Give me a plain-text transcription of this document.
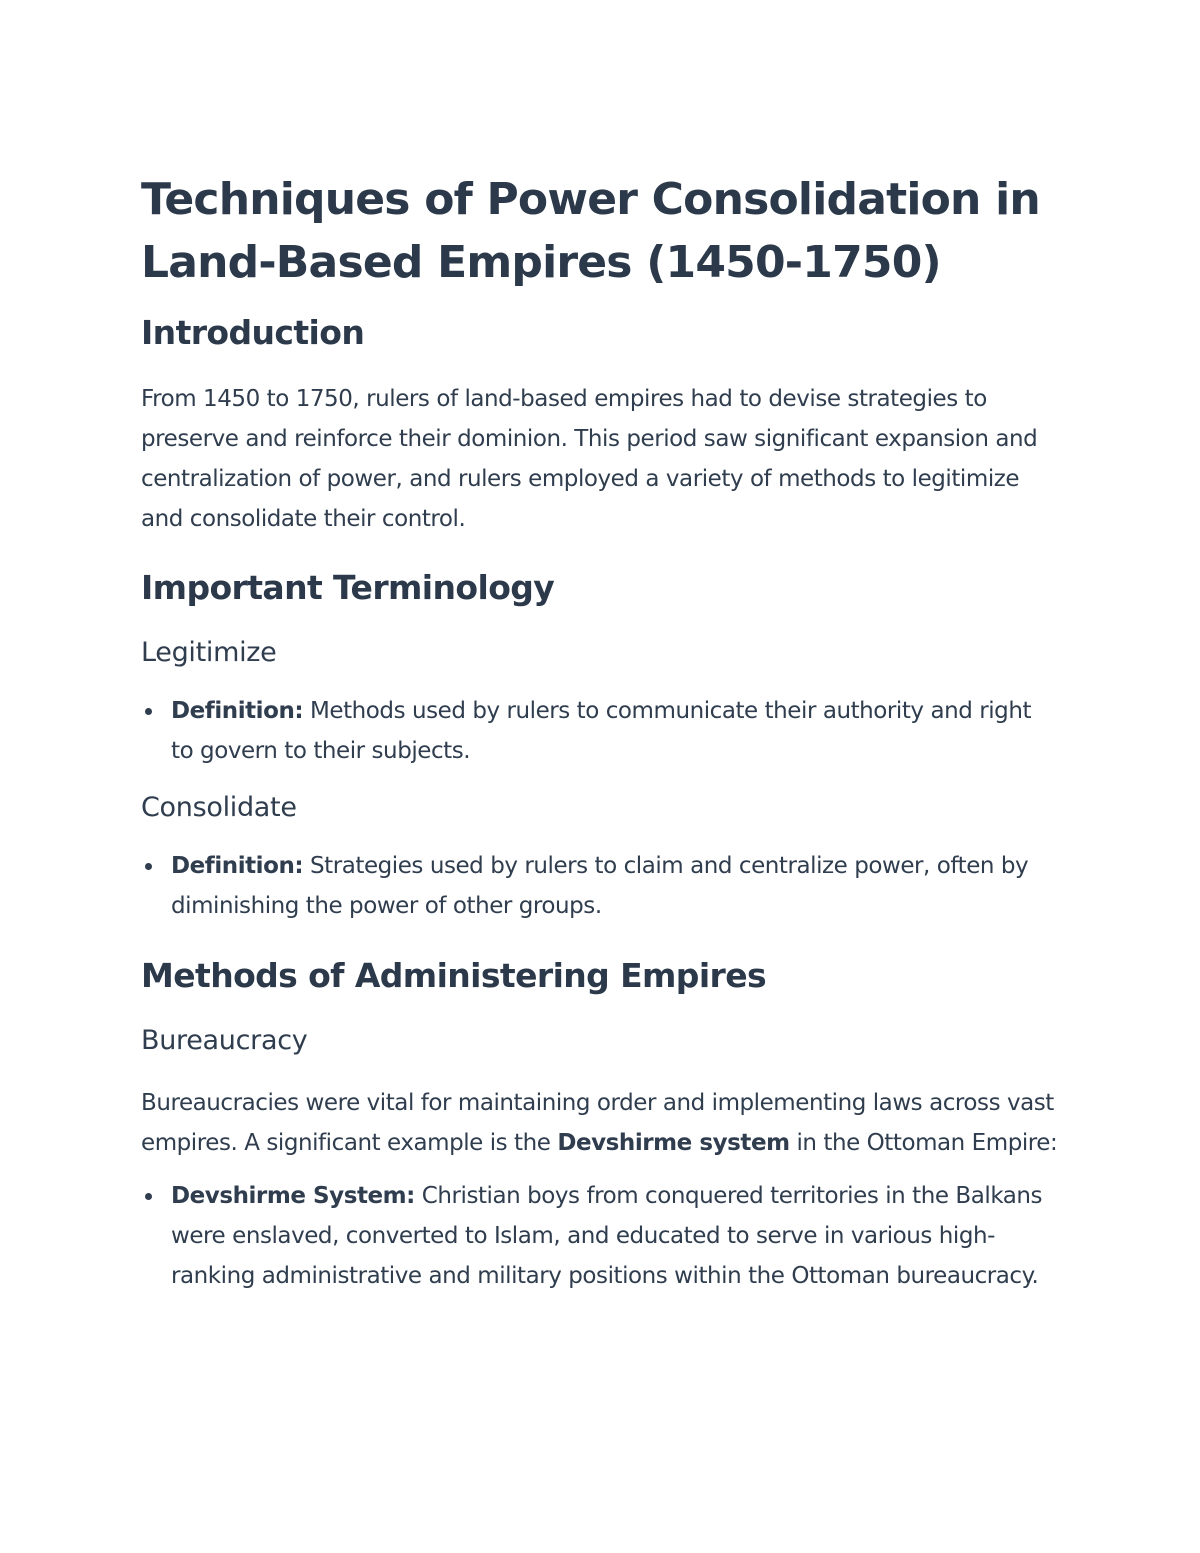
Techniques of Power Consolidation in Land-Based Empires (1450-1750)
Introduction

From 1450 to 1750, rulers of land-based empires had to devise strategies to preserve and reinforce their dominion. This period saw significant expansion and centralization of power, and rulers employed a variety of methods to legitimize and consolidate their control.

Important Terminology
Legitimize
Definition: Methods used by rulers to communicate their authority and right to govern to their subjects.
Consolidate
Definition: Strategies used by rulers to claim and centralize power, often by diminishing the power of other groups.
Methods of Administering Empires
Bureaucracy

Bureaucracies were vital for maintaining order and implementing laws across vast empires. A significant example is the Devshirme system in the Ottoman Empire:

Devshirme System: Christian boys from conquered territories in the Balkans were enslaved, converted to Islam, and educated to serve in various high-ranking administrative and military positions within the Ottoman bureaucracy.
